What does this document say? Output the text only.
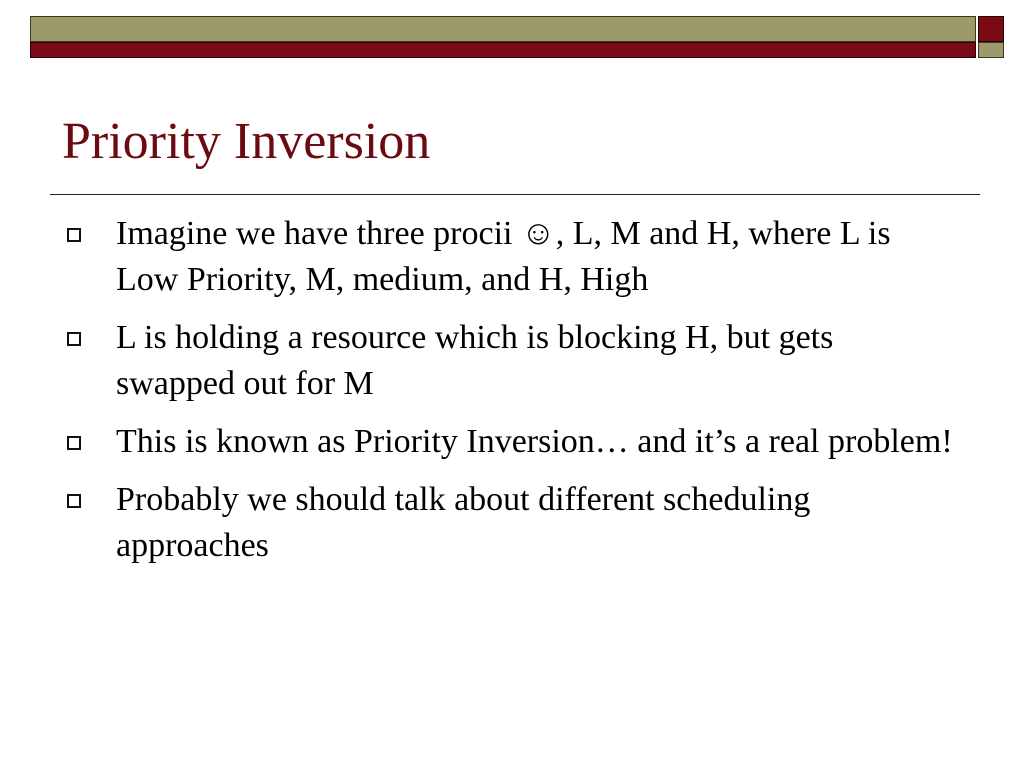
Priority Inversion
Imagine we have three procii ☺, L, M and H, where L is Low Priority, M, medium, and H, High
L is holding a resource which is blocking H, but gets swapped out for M
This is known as Priority Inversion… and it’s a real problem!
Probably we should talk about different scheduling approaches
